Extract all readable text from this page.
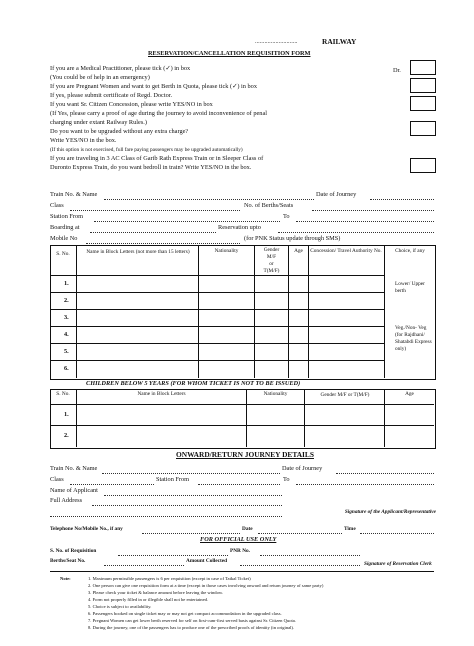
...........................	RAILWAY
RESERVATION/CANCELLATION REQUISITION FORM
If you are a Medical Practitioner, please tick (✓) in box	Dr.
(You could be of help in an emergency)
If you are Pregnant Women and want to get Berth in Quota, please tick (✓) in box
If yes, please submit certificate of Regd. Doctor.
If you want Sr. Citizen Concession, please write YES/NO in box
(If Yes, please carry a proof of age during the journey to avoid inconvenience of penal
charging under extant Railway Rules.)
Do you want to be upgraded without any extra charge?
Write YES/NO in the box.
(If this option is not exercised, full fare paying passengers may be upgraded automatically)
If you are traveling in 3 AC Class of Garib Rath Express Train or in Sleeper Class of
Duronto Express Train, do you want bedroll in train? Write YES/NO in the box.
Train No. & Name	Date of Journey
Class	No. of Berths/Seats
Station From	To
Boarding at	Reservation upto
Mobile No	(for PNK Status update through SMS)
S. No.	Name in Block Letters (not more than 15 letters)	Nationality	Gender
M/F
or
T(M/F)
Age	Concession/ Travel Authority No.	Choice, if any
1.
2.
3.
4.
5.
6.
Lower/ Upper berth
Veg./Non- Veg (for Rajdhani/ Shatabdi Express only)
CHILDREN BELOW 5 YEARS (FOR WHOM TICKET IS NOT TO BE ISSUED)
S. No.	Name in Block Letters	Nationality	Gender M/F or T(M/F)	Age
1.
2.
ONWARD/RETURN JOURNEY DETAILS
Train No. & Name	Date of Journey
Class	Station From	To
Name of Applicant
Full Address
Signature of the Applicant/Representative
Telephone No/Mobile No., if any	Date	Time
FOR OFFICIAL USE ONLY
S. No. of Requisition	PNR No.
Berths/Seat No.	Amount Collected	Signature of Reservation Clerk
Note:	1. Maximum permissible passengers is 6 per requisition (except in case of Tatkal Ticket)
2. One person can give one requisition form at a time (except in those cases involving onward and return journey of same party)
3. Please check your ticket & balance amount before leaving the window.
4. Form not properly filled in or illegible shall not be entertained.
5. Choice is subject to availability.
6. Passengers booked on single ticket may or may not get compact accommodation in the upgraded class.
7. Pregnant Women can get lower berth reserved for self on first-cum-first served basis against Sr. Citizen Quota.
8. During the journey, one of the passengers has to produce one of the prescribed proofs of identity (in original).
